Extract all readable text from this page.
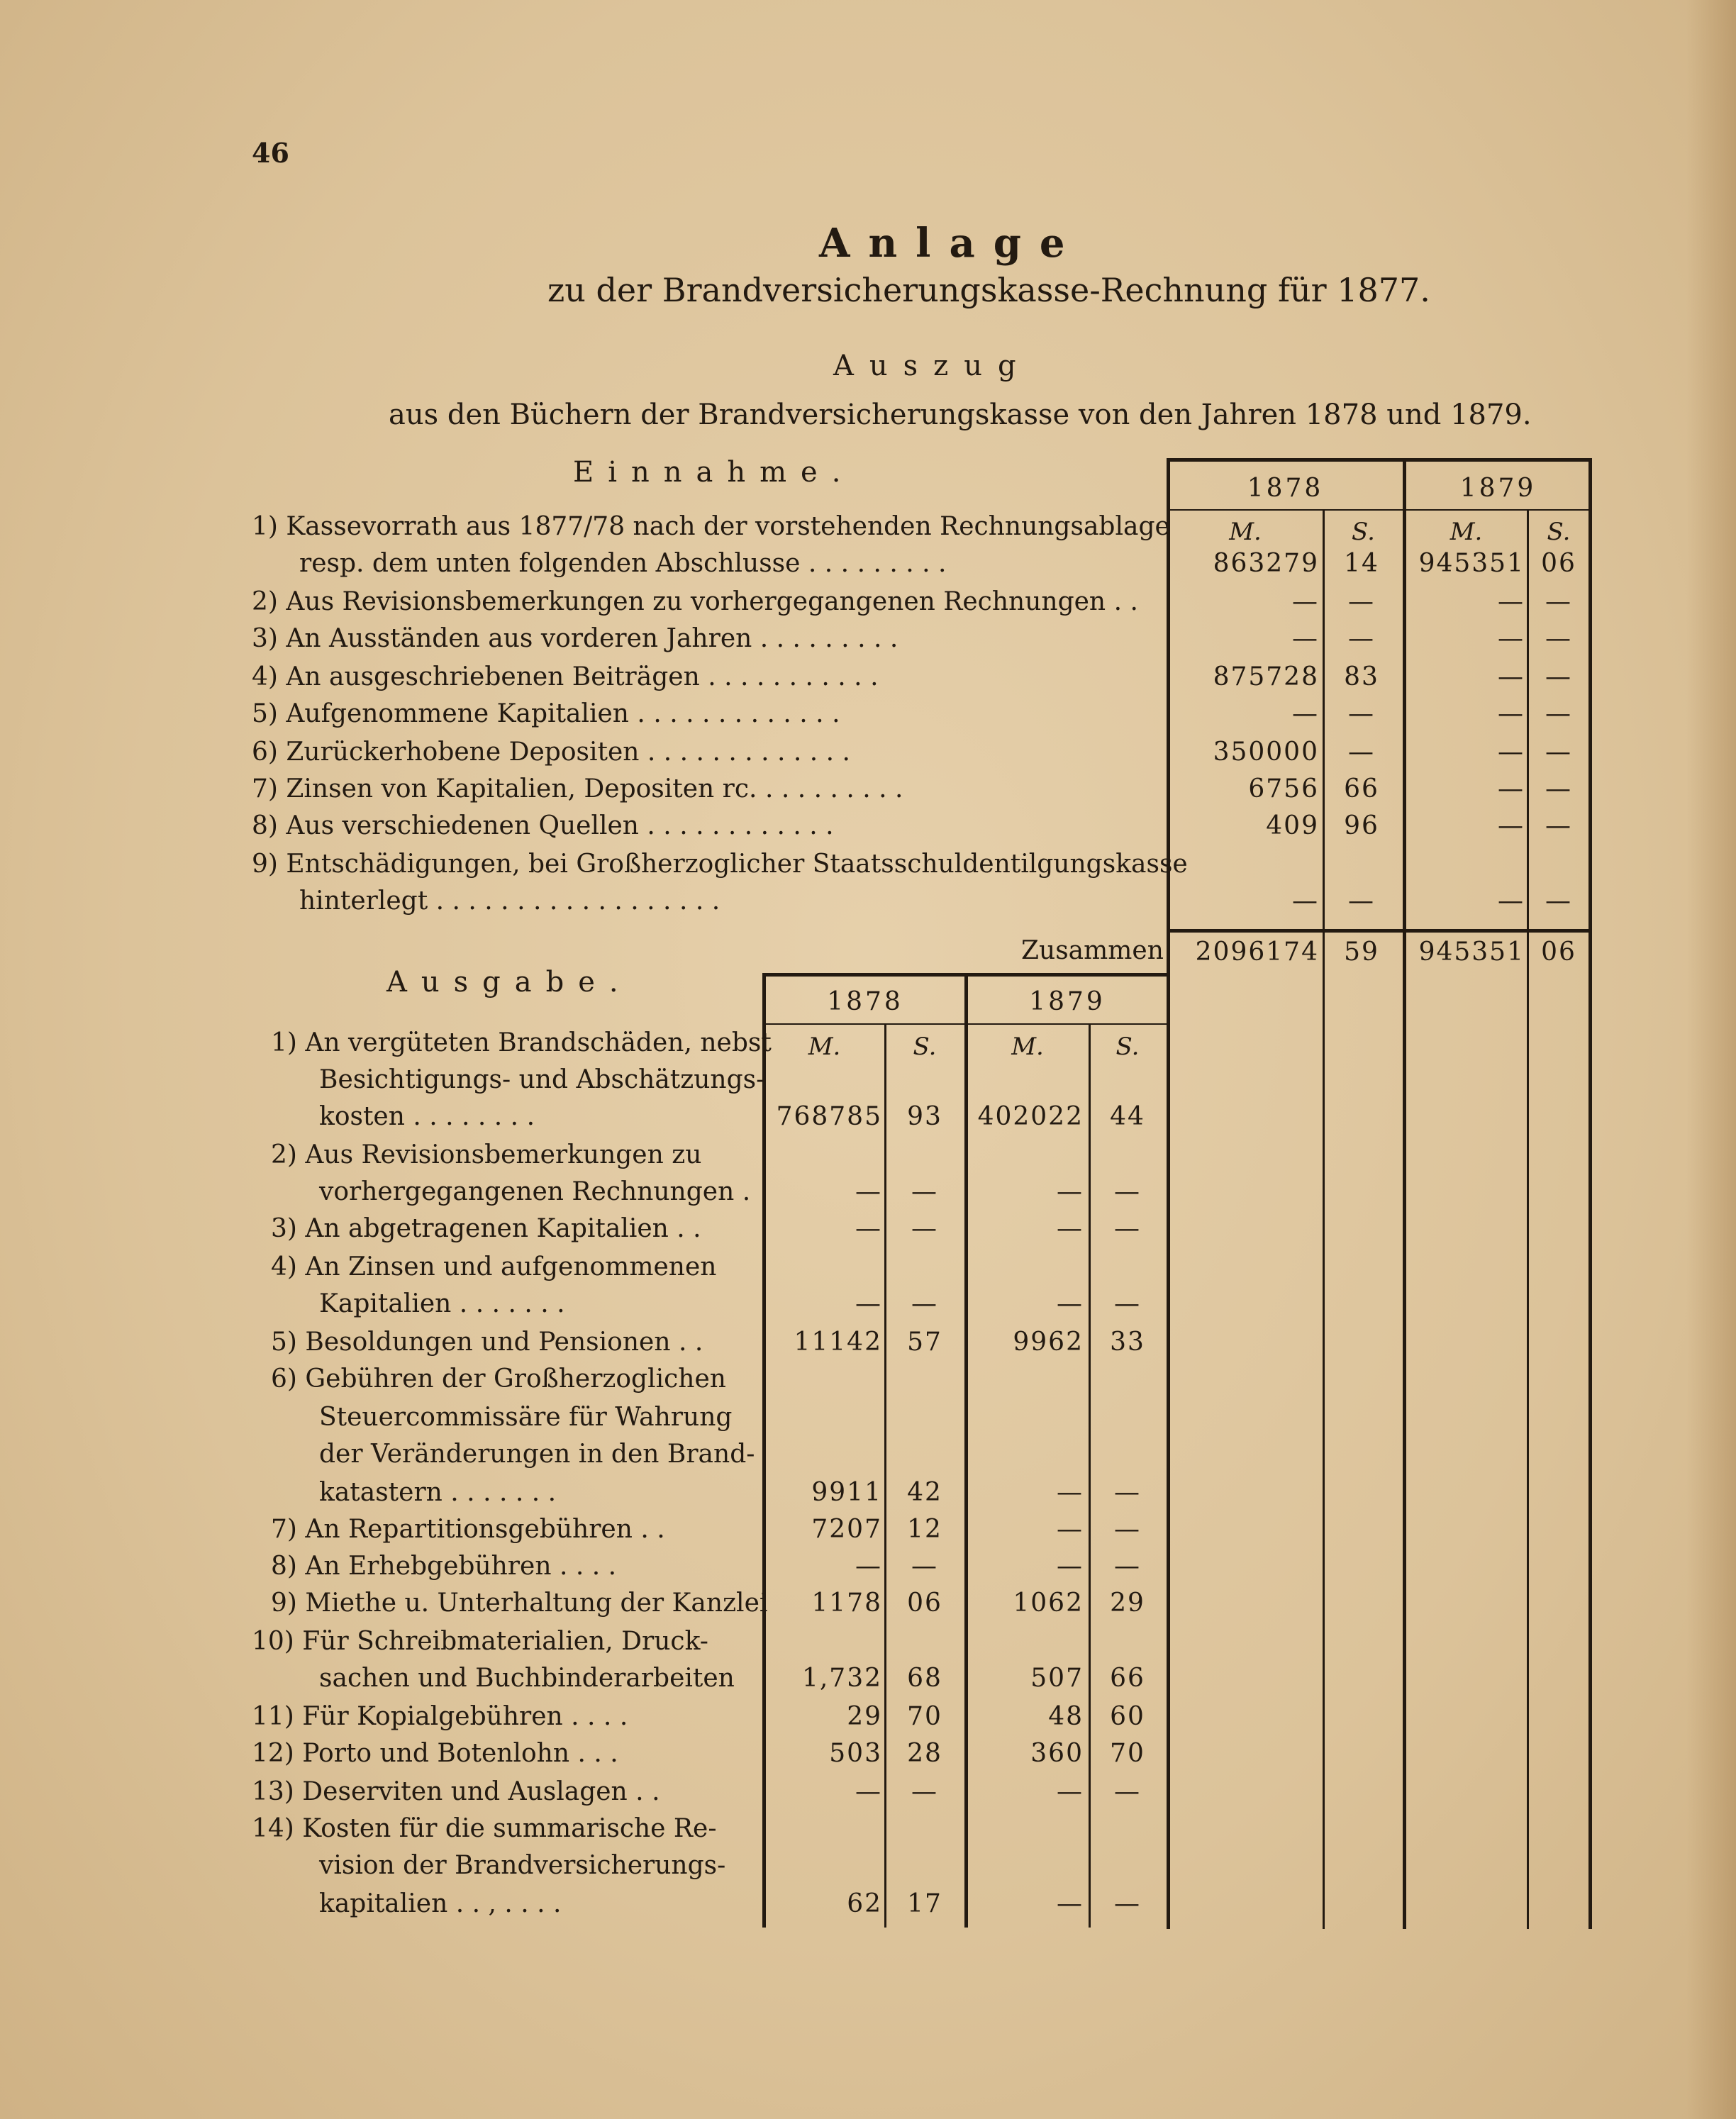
46
Anlage
zu der Brandversicherungskasse-Rechnung für 1877.
Auszug
aus den Büchern der Brandversicherungskasse von den Jahren 1878 und 1879.
Einnahme.	1878	1879
M.	S.	M.	S.
1) Kassevorrath aus 1877/78 nach der vorstehenden Rechnungsablage
resp. dem unten folgenden Abschlusse . . . . . . . . .	863279 14	945351 06
2) Aus Revisionsbemerkungen zu vorhergegangenen Rechnungen . .	—	—	— —
3) An Ausständen aus vorderen Jahren . . . . . . . . .	—	—	— —
4) An ausgeschriebenen Beiträgen . . . . . . . . . . .	875728 83	— —
5) Aufgenommene Kapitalien . . . . . . . . . . . . .	—	—	— —
6) Zurückerhobene Depositen . . . . . . . . . . . . .	350000	—	— —
7) Zinsen von Kapitalien, Depositen rc. . . . . . . . . .	6756 66	— —
8) Aus verschiedenen Quellen . . . . . . . . . . . .	409 96	— —
9) Entschädigungen, bei Großherzoglicher Staatsschuldentilgungskasse
hinterlegt . . . . . . . . . . . . . . . . . .	—	—	— —
Zusammen	2096174 59	945351 06
Ausgabe.
1878	1879
M.	S.	M.	S.
1) An vergüteten Brandschäden, nebst
Besichtigungs- und Abschätzungs-
kosten . . . . . . . .	768785 93	402022	44
2) Aus Revisionsbemerkungen zu
vorhergegangenen Rechnungen .	—	—	—	—
3) An abgetragenen Kapitalien . .	—	—	—	—
4) An Zinsen und aufgenommenen
Kapitalien . . . . . . .	—	—	—	—
5) Besoldungen und Pensionen . .	11142 57	9962	33
6) Gebühren der Großherzoglichen
Steuercommissäre für Wahrung
der Veränderungen in den Brand-
katastern . . . . . . .	9911 42	—	—
7) An Repartitionsgebühren . .	7207 12	—	—
8) An Erhebgebühren . . . .	—	—	—	—
9) Miethe u. Unterhaltung der Kanzlei	1178 06	1062	29
10) Für Schreibmaterialien, Druck-
sachen und Buchbinderarbeiten	1,732 68	507	66
11) Für Kopialgebühren . . . .	29 70	48	60
12) Porto und Botenlohn . . .	503 28	360	70
13) Deserviten und Auslagen . .	—	—	—	—
14) Kosten für die summarische Re-
vision der Brandversicherungs-
kapitalien . . , . . . .	62 17	—	—
